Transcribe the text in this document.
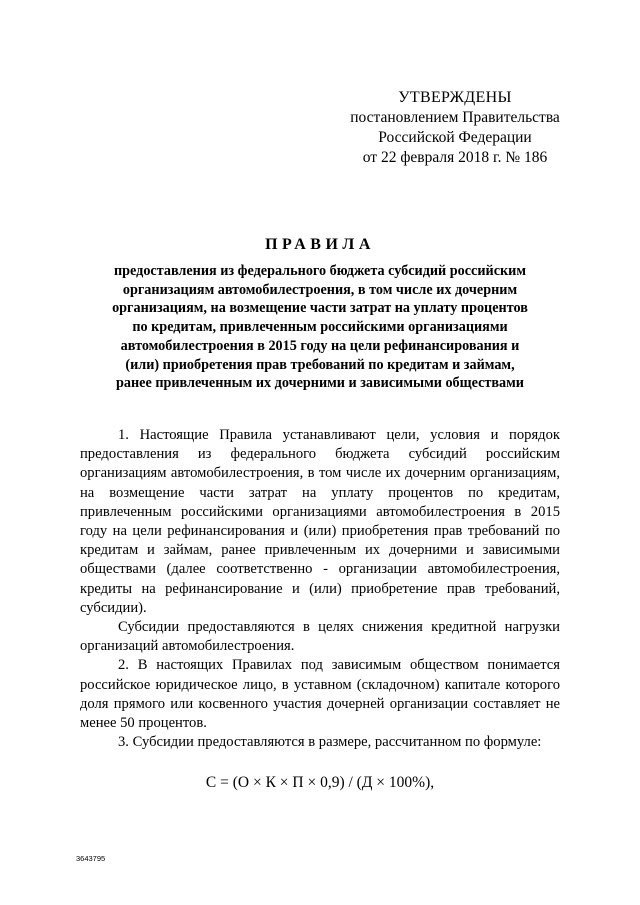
УТВЕРЖДЕНЫ
постановлением Правительства
Российской Федерации
от 22 февраля 2018 г. № 186
ПРАВИЛА
предоставления из федерального бюджета субсидий российским организациям автомобилестроения, в том числе их дочерним организациям, на возмещение части затрат на уплату процентов по кредитам, привлеченным российскими организациями автомобилестроения в 2015 году на цели рефинансирования и (или) приобретения прав требований по кредитам и займам, ранее привлеченным их дочерними и зависимыми обществами

1. Настоящие Правила устанавливают цели, условия и порядок предоставления из федерального бюджета субсидий российским организациям автомобилестроения, в том числе их дочерним организациям, на возмещение части затрат на уплату процентов по кредитам, привлеченным российскими организациями автомобилестроения в 2015 году на цели рефинансирования и (или) приобретения прав требований по кредитам и займам, ранее привлеченным их дочерними и зависимыми обществами (далее соответственно - организации автомобилестроения, кредиты на рефинансирование и (или) приобретение прав требований, субсидии).

Субсидии предоставляются в целях снижения кредитной нагрузки организаций автомобилестроения.

2. В настоящих Правилах под зависимым обществом понимается российское юридическое лицо, в уставном (складочном) капитале которого доля прямого или косвенного участия дочерней организации составляет не менее 50 процентов.

3. Субсидии предоставляются в размере, рассчитанном по формуле:

С = (О × К × П × 0,9) / (Д × 100%),
3643795
